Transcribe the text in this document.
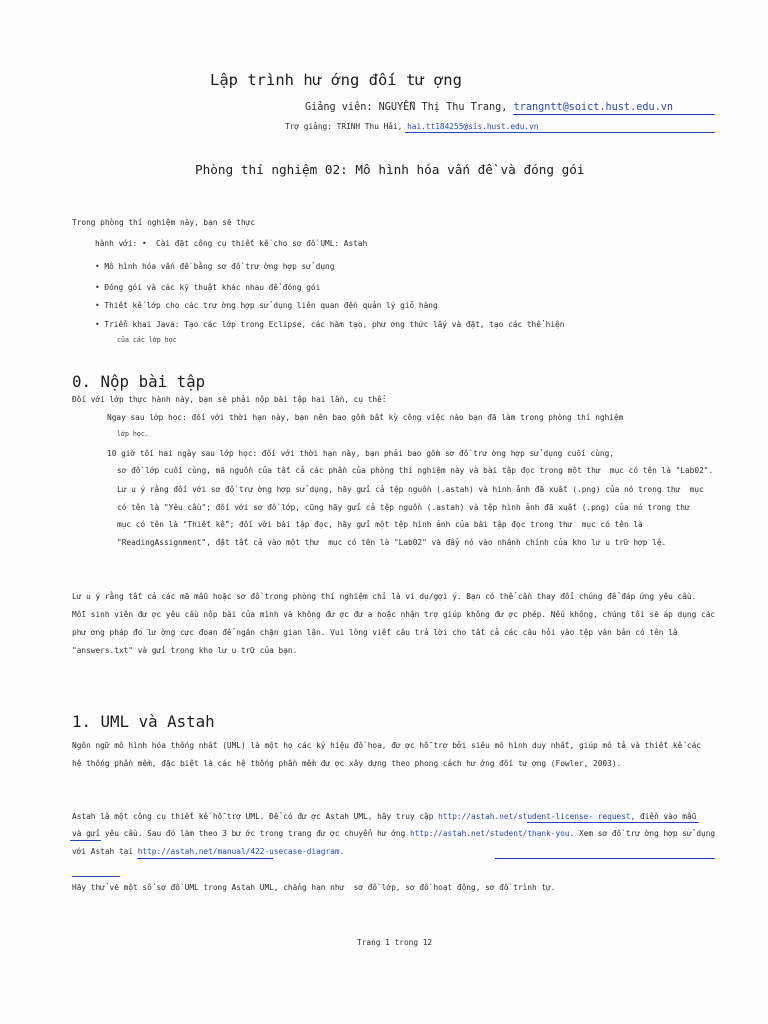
Lập trình hư ớng đối tư ợng
Giảng viên: NGUYỄN Thị Thu Trang, trangntt@soict.hust.edu.vn
Trợ giảng: TRINH Thu Hải, hai.tt184255@sis.hust.edu.vn
Phòng thí nghiệm 02: Mô hình hóa vấn đề và đóng gói
Trong phòng thí nghiệm này, bạn sẽ thực
hành với: •  Cài đặt công cụ thiết kế cho sơ đồ UML: Astah
• Mô hình hóa vấn đề bằng sơ đồ trư ờng hợp sử dụng
• Đóng gói và các kỹ thuật khác nhau để đóng gói
• Thiết kế lớp cho các trư ờng hợp sử dụng liên quan đến quản lý giỏ hàng
• Triển khai Java: Tạo các lớp trong Eclipse, các hàm tạo, phư ơng thức lấy và đặt, tạo các thể hiện
của các lớp học
0. Nộp bài tập
Đối với lớp thực hành này, bạn sẽ phải nộp bài tập hai lần, cụ thể:
Ngay sau lớp học: đối với thời hạn này, bạn nên bao gồm bất kỳ công việc nào bạn đã làm trong phòng thí nghiệm
lớp học.
10 giờ tối hai ngày sau lớp học: đối với thời hạn này, bạn phải bao gồm sơ đồ trư ờng hợp sử dụng cuối cùng,
sơ đồ lớp cuối cùng, mã nguồn của tất cả các phần của phòng thí nghiệm này và bài tập đọc trong một thư  mục có tên là "Lab02".
Lư u ý rằng đối với sơ đồ trư ờng hợp sử dụng, hãy gửi cả tệp nguồn (.astah) và hình ảnh đã xuất (.png) của nó trong thư  mục
có tên là "Yêu cầu"; đối với sơ đồ lớp, cũng hãy gửi cả tệp nguồn (.astah) và tệp hình ảnh đã xuất (.png) của nó trong thư
mục có tên là "Thiết kế"; đối với bài tập đọc, hãy gửi một tệp hình ảnh của bài tập đọc trong thư  mục có tên là
"ReadingAssignment", đặt tất cả vào một thư  mục có tên là "Lab02" và đẩy nó vào nhánh chính của kho lư u trữ hợp lệ.
Lư u ý rằng tất cả các mã mẫu hoặc sơ đồ trong phòng thí nghiệm chỉ là ví dụ/gợi ý. Bạn có thể cần thay đổi chúng để đáp ứng yêu cầu.
Mỗi sinh viên đư ợc yêu cầu nộp bài của mình và không đư ợc đư a hoặc nhận trợ giúp không đư ợc phép. Nếu không, chúng tôi sẽ áp dụng các
phư ơng pháp đo lư ờng cực đoan để ngăn chặn gian lận. Vui lòng viết câu trả lời cho tất cả các câu hỏi vào tệp văn bản có tên là
"answers.txt" và gửi trong kho lư u trữ của bạn.
1. UML và Astah
Ngôn ngữ mô hình hóa thống nhất (UML) là một họ các ký hiệu đồ họa, đư ợc hỗ trợ bởi siêu mô hình duy nhất, giúp mô tả và thiết kế các
hệ thống phần mềm, đặc biệt là các hệ thống phần mềm đư ợc xây dựng theo phong cách hư ớng đối tư ợng (Fowler, 2003).
Astah là một công cụ thiết kế hỗ trợ UML. Để có đư ợc Astah UML, hãy truy cập http://astah.net/student-license- request, điền vào mẫu
và gửi yêu cầu. Sau đó làm theo 3 bư ớc trong trang đư ợc chuyển hư ớng http://astah.net/student/thank-you. Xem sơ đồ trư ờng hợp sử dụng
với Astah tại http://astah.net/manual/422-usecase-diagram.
Hãy thử vẽ một số sơ đồ UML trong Astah UML, chẳng hạn như  sơ đồ lớp, sơ đồ hoạt động, sơ đồ trình tự.
Trang 1 trong 12
